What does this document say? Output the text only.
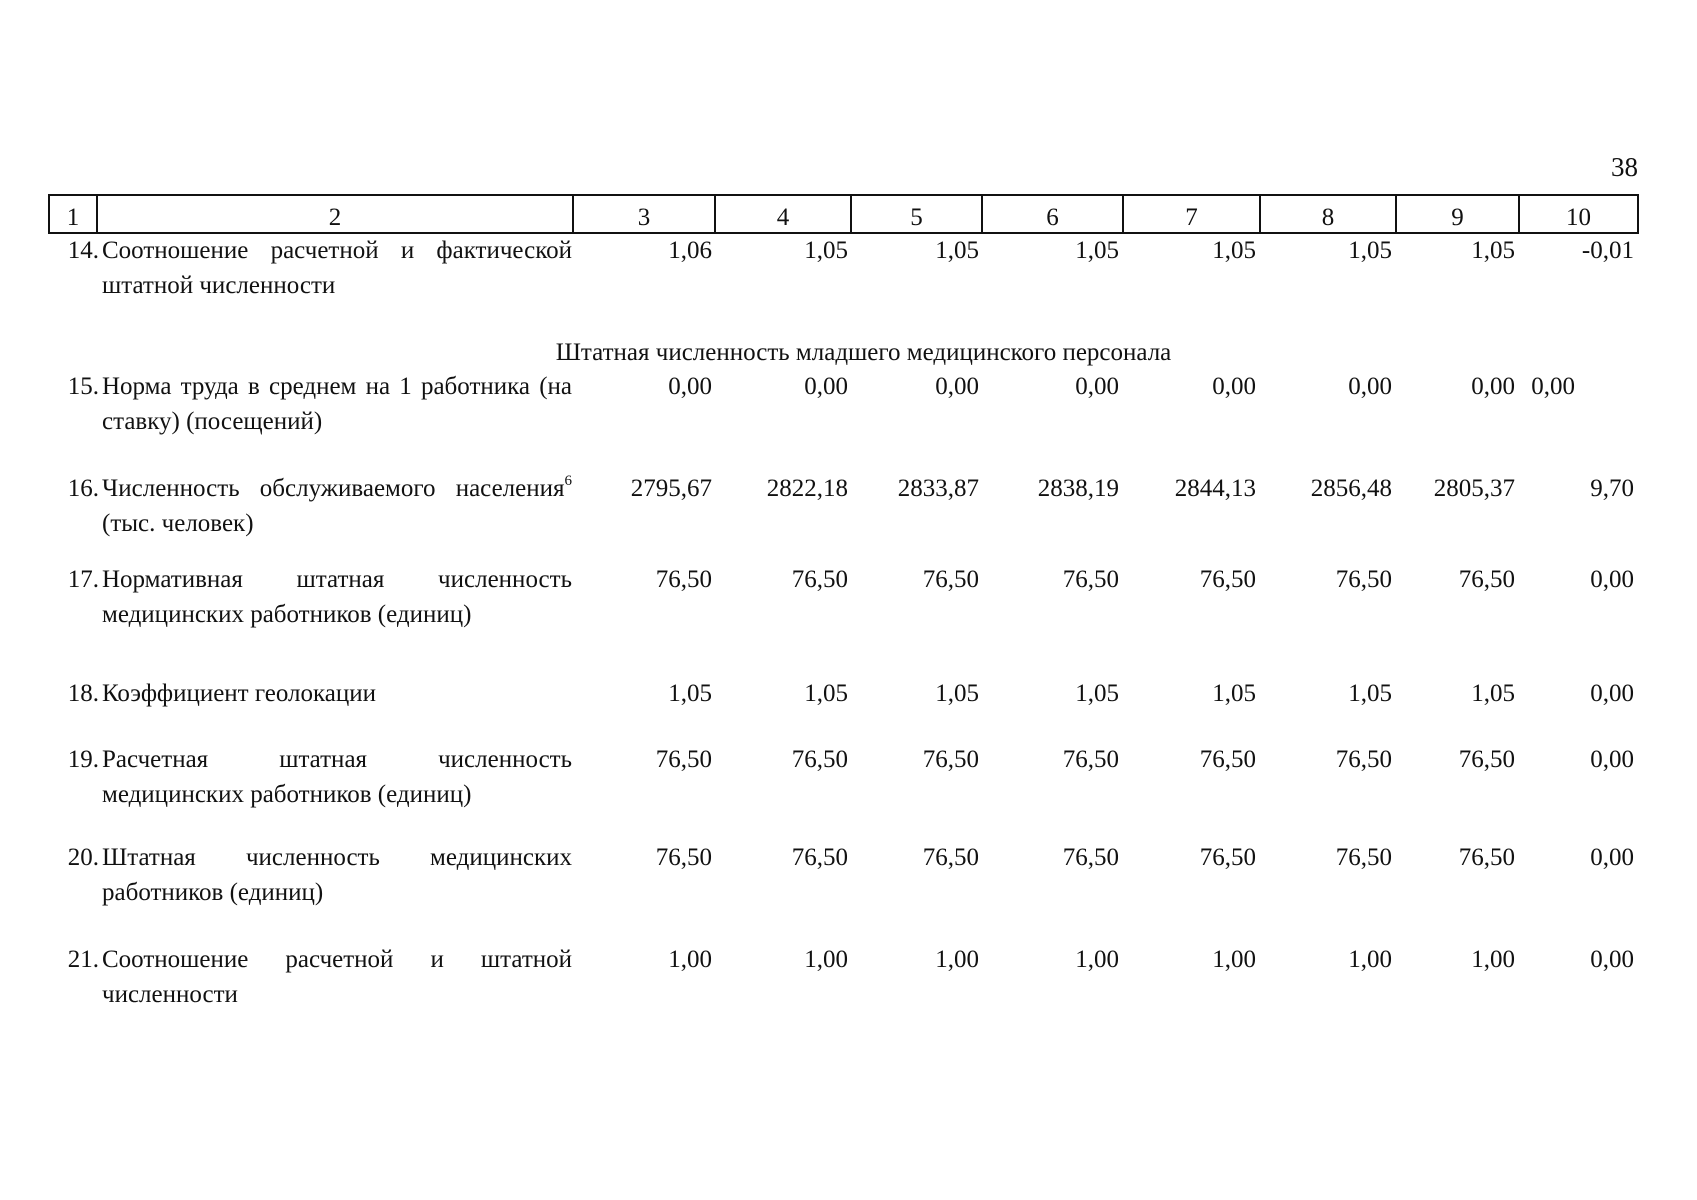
38
1	2	3	4	5	6	7	8	9	10
14. Соотношение расчетной и фактической штатной численности
1,06	1,05	1,05	1,05	1,05	1,05	1,05	-0,01
Штатная численность младшего медицинского персонала
15. Норма труда в среднем на 1 работника (на ставку) (посещений)
0,00	0,00	0,00	0,00	0,00	0,00	0,00 0,00
16. Численность обслуживаемого населения$^6$ (тыс. человек)
2795,67 2822,18 2833,87 2838,19 2844,13 2856,48 2805,37	9,70
17. Нормативная штатная численность медицинских работников (единиц)
76,50	76,50	76,50	76,50	76,50	76,50	76,50	0,00
18. Коэффициент геолокации	1,05	1,05	1,05	1,05	1,05	1,05	1,05	0,00
19. Расчетная штатная численность медицинских работников (единиц)
76,50	76,50	76,50	76,50	76,50	76,50	76,50	0,00
20. Штатная численность медицинских работников (единиц)
76,50	76,50	76,50	76,50	76,50	76,50	76,50	0,00
21. Соотношение расчетной и штатной численности
1,00	1,00	1,00	1,00	1,00	1,00	1,00	0,00
